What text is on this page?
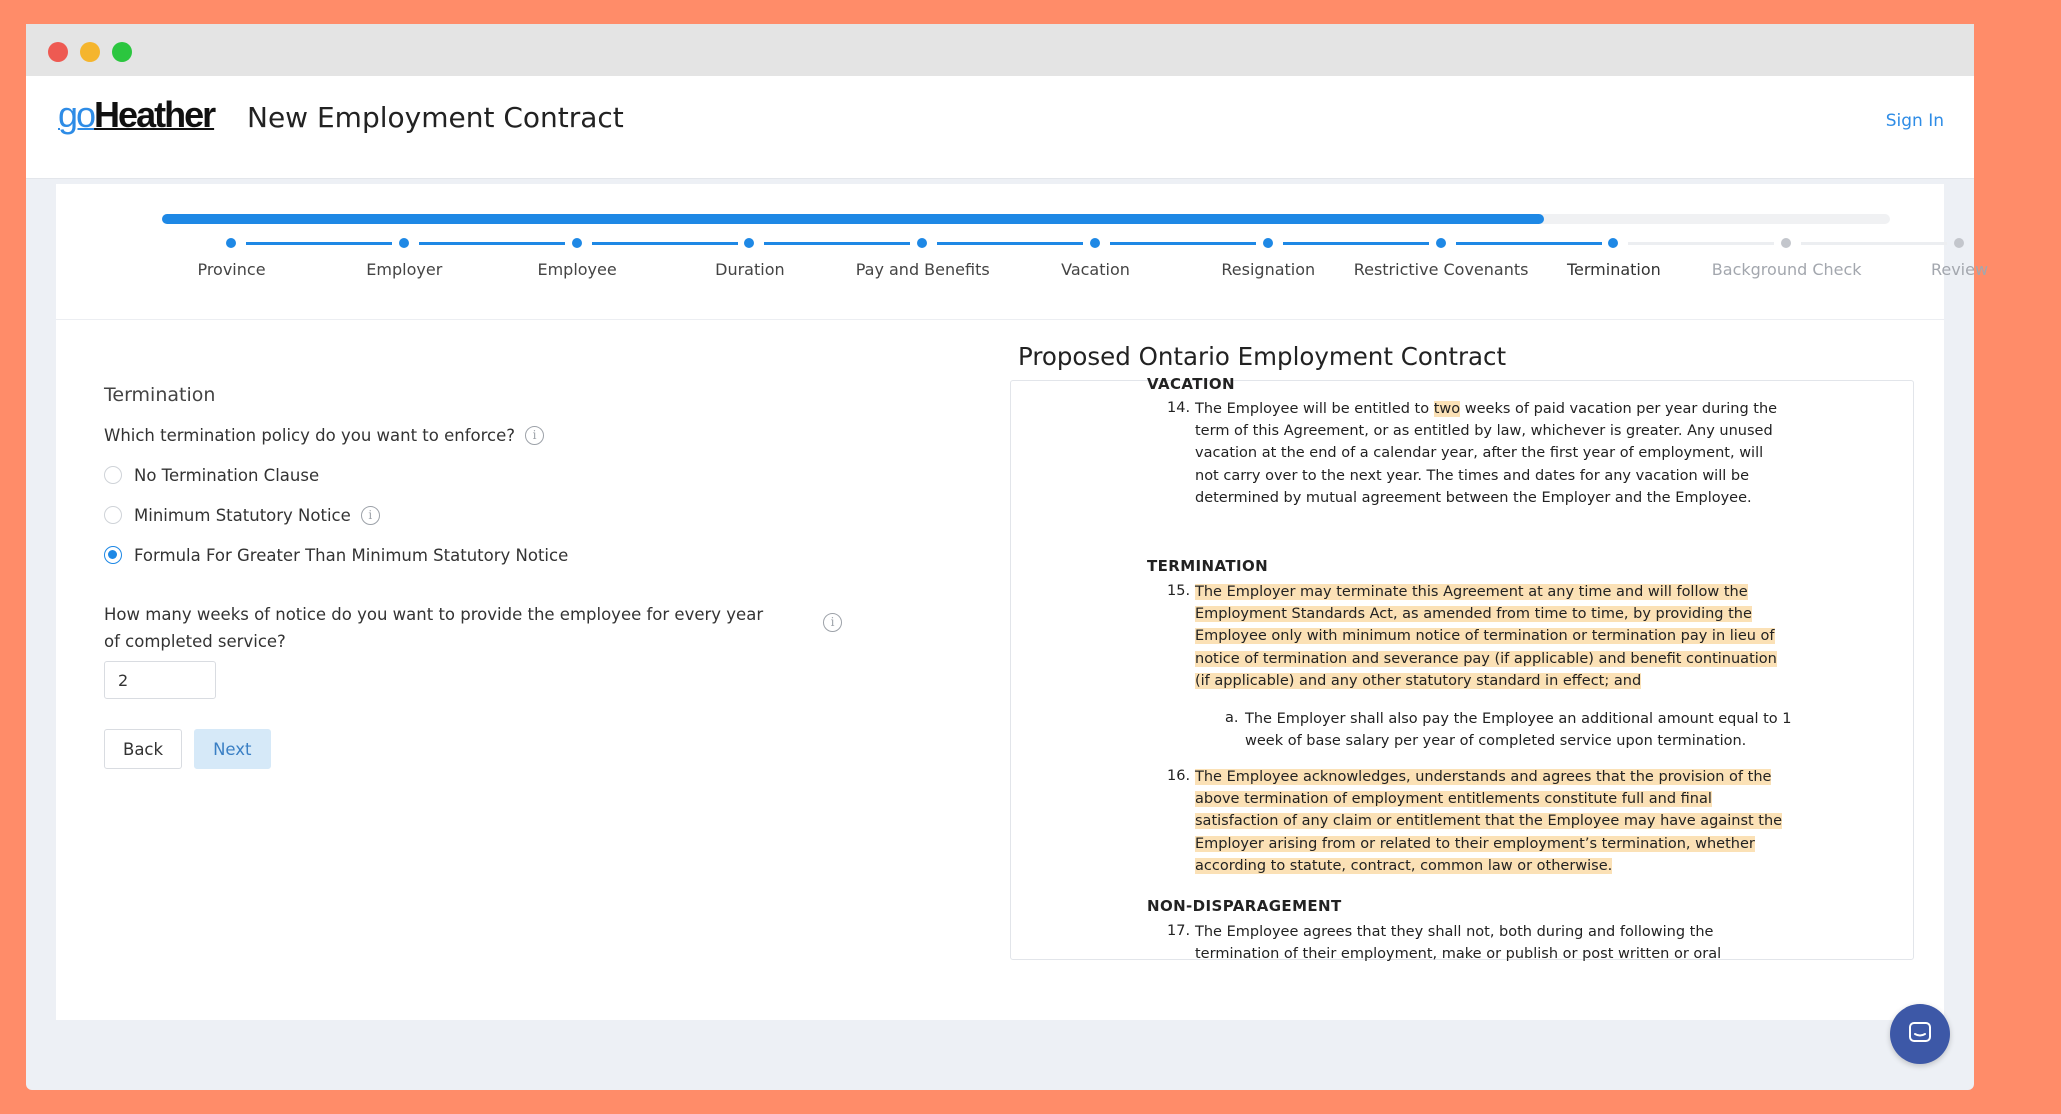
goHeather New Employment Contract	Sign In
Province	Employer	Employee	Duration	Pay and Benefits	Vacation	Resignation	Restrictive Covenants	Termination	Background Check	Review
Termination
Which termination policy do you want to enforce?	i
No Termination Clause
Minimum Statutory Notice	i
Formula For Greater Than Minimum Statutory Notice
How many weeks of notice do you want to provide the employee for every year of completed service?
i
2
Back	Next
Proposed Ontario Employment Contract
VACATION
14. The Employee will be entitled to two weeks of paid vacation per year during the term of this Agreement, or as entitled by law, whichever is greater. Any unused vacation at the end of a calendar year, after the first year of employment, will not carry over to the next year. The times and dates for any vacation will be determined by mutual agreement between the Employer and the Employee.
TERMINATION
15. The Employer may terminate this Agreement at any time and will follow the Employment Standards Act, as amended from time to time, by providing the Employee only with minimum notice of termination or termination pay in lieu of notice of termination and severance pay (if applicable) and benefit continuation (if applicable) and any other statutory standard in effect; and
a. The Employer shall also pay the Employee an additional amount equal to 1 week of base salary per year of completed service upon termination.
16. The Employee acknowledges, understands and agrees that the provision of the above termination of employment entitlements constitute full and final satisfaction of any claim or entitlement that the Employee may have against the Employer arising from or related to their employment’s termination, whether according to statute, contract, common law or otherwise.
NON-DISPARAGEMENT
17. The Employee agrees that they shall not, both during and following the termination of their employment, make or publish or post written or oral
